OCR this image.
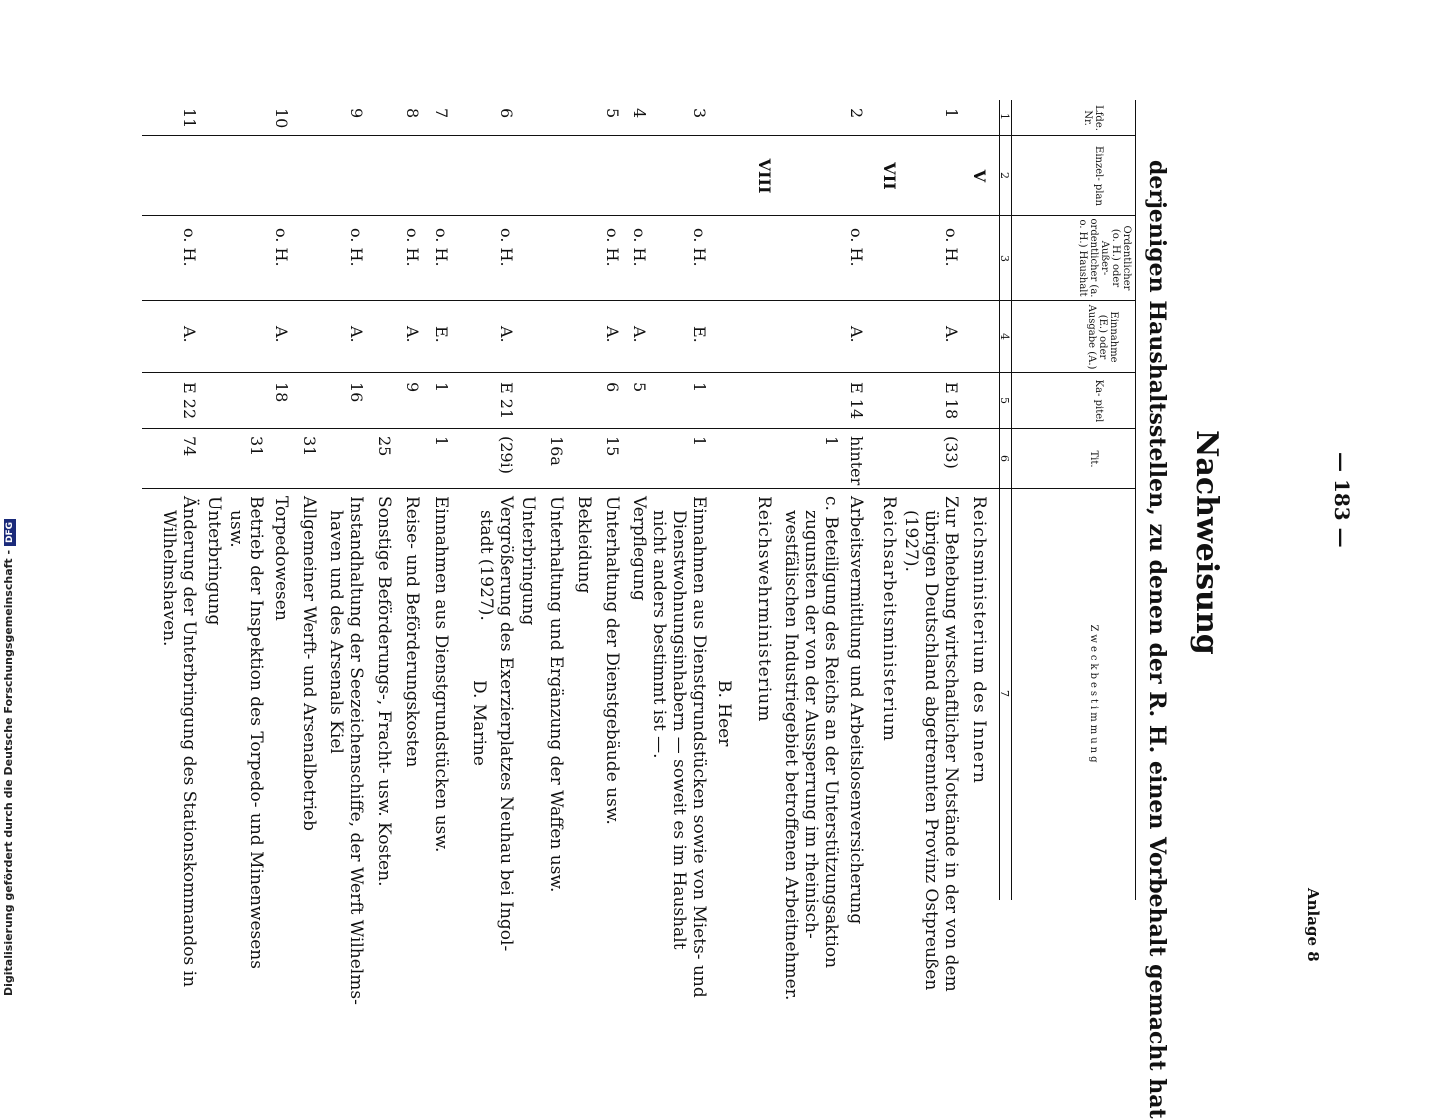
— 183 —
Anlage 8
Nachweisung
derjenigen Haushaltsstellen, zu denen der R. H. einen Vorbehalt gemacht hat
Lfde. Nr.
Einzel- plan
Ordentlicher (o. H.) oder Außer- ordentlicher (a. o. H.) Haushalt
Einnahme (E.) oder Ausgabe (A.)
Ka- pitel
Tit.
Zweckbestimmung
1
2
3
4
5
6
7
V
Reichsministerium des Innern
1
o. H.
A.
E 18
(33)
Zur Behebung wirtschaftlicher Notstände in der von dem
übrigen Deutschland abgetrennten Provinz Ostpreußen
(1927).
VII
Reichsarbeitsministerium
2
o. H.
A.
E 14
hinter
Arbeitsvermittlung und Arbeitslosenversicherung
1
c. Beteiligung des Reichs an der Unterstützungsaktion
zugunsten der von der Aussperrung im rheinisch-
westfälischen Industriegebiet betroffenen Arbeitnehmer.
VIII
Reichswehrministerium
B. Heer
3
o. H.
E.
1
1
Einnahmen aus Dienstgrundstücken sowie von Miets- und
Dienstwohnungsinhabern — soweit es im Haushalt
nicht anders bestimmt ist —.
4
o. H.
A.
5
Verpflegung
5
o. H.
A.
6
15
Unterhaltung der Dienstgebäude usw.
Bekleidung
16a
Unterhaltung und Ergänzung der Waffen usw.
Unterbringung
6
o. H.
A.
E 21
(29i)
Vergrößerung des Exerzierplatzes Neuhau bei Ingol-
stadt (1927).
D. Marine
7
o. H.
E.
1
1
Einnahmen aus Dienstgrundstücken usw.
8
o. H.
A.
9
Reise- und Beförderungskosten
25
Sonstige Beförderungs-, Fracht- usw. Kosten.
9
o. H.
A.
16
Instandhaltung der Seezeichenschiffe, der Werft Wilhelms-
haven und des Arsenals Kiel
31
Allgemeiner Werft- und Arsenalbetrieb
10
o. H.
A.
18
Torpedowesen
31
Betrieb der Inspektion des Torpedo- und Minenwesens
usw.
Unterbringung
11
o. H.
A.
E 22
74
Änderung der Unterbringung des Stationskommandos in
Wilhelmshaven.
Digitalisierung gefördert durch die Deutsche Forschungsgemeinschaft -DFG
